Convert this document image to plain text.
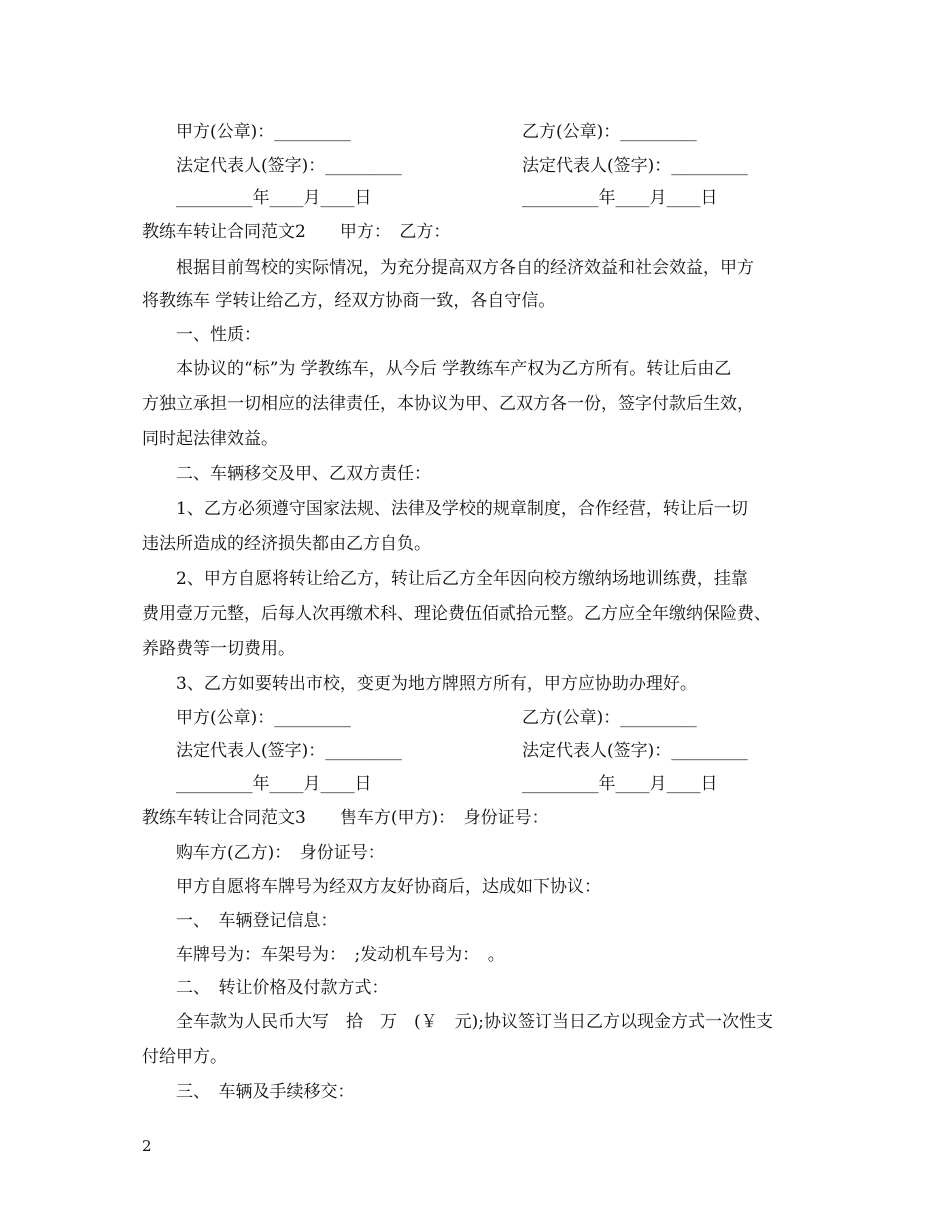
甲方(公章)：_________	乙方(公章)：_________
法定代表人(签字)：_________	法定代表人(签字)：_________
_________年____月____日	_________年____月____日
教练车转让合同范文2　　甲方：　乙方：
根据目前驾校的实际情况，为充分提高双方各自的经济效益和社会效益，甲方
将教练车 学转让给乙方，经双方协商一致，各自守信。
一、性质：
本协议的“标”为 学教练车，从今后 学教练车产权为乙方所有。转让后由乙
方独立承担一切相应的法律责任，本协议为甲、乙双方各一份，签字付款后生效，
同时起法律效益。
二、车辆移交及甲、乙双方责任：
1、乙方必须遵守国家法规、法律及学校的规章制度，合作经营，转让后一切
违法所造成的经济损失都由乙方自负。
2、甲方自愿将转让给乙方，转让后乙方全年因向校方缴纳场地训练费，挂靠
费用壹万元整，后每人次再缴术科、理论费伍佰贰拾元整。乙方应全年缴纳保险费、
养路费等一切费用。
3、乙方如要转出市校，变更为地方牌照方所有，甲方应协助办理好。
甲方(公章)：_________	乙方(公章)：_________
法定代表人(签字)：_________	法定代表人(签字)：_________
_________年____月____日	_________年____月____日
教练车转让合同范文3　　售车方(甲方)：　身份证号：
购车方(乙方)：　身份证号：
甲方自愿将车牌号为经双方友好协商后，达成如下协议：
一、　车辆登记信息：
车牌号为：车架号为：　;发动机车号为：　。
二、　转让价格及付款方式：
全车款为人民币大写　拾　万　(￥　元);协议签订当日乙方以现金方式一次性支
付给甲方。
三、　车辆及手续移交：
2
